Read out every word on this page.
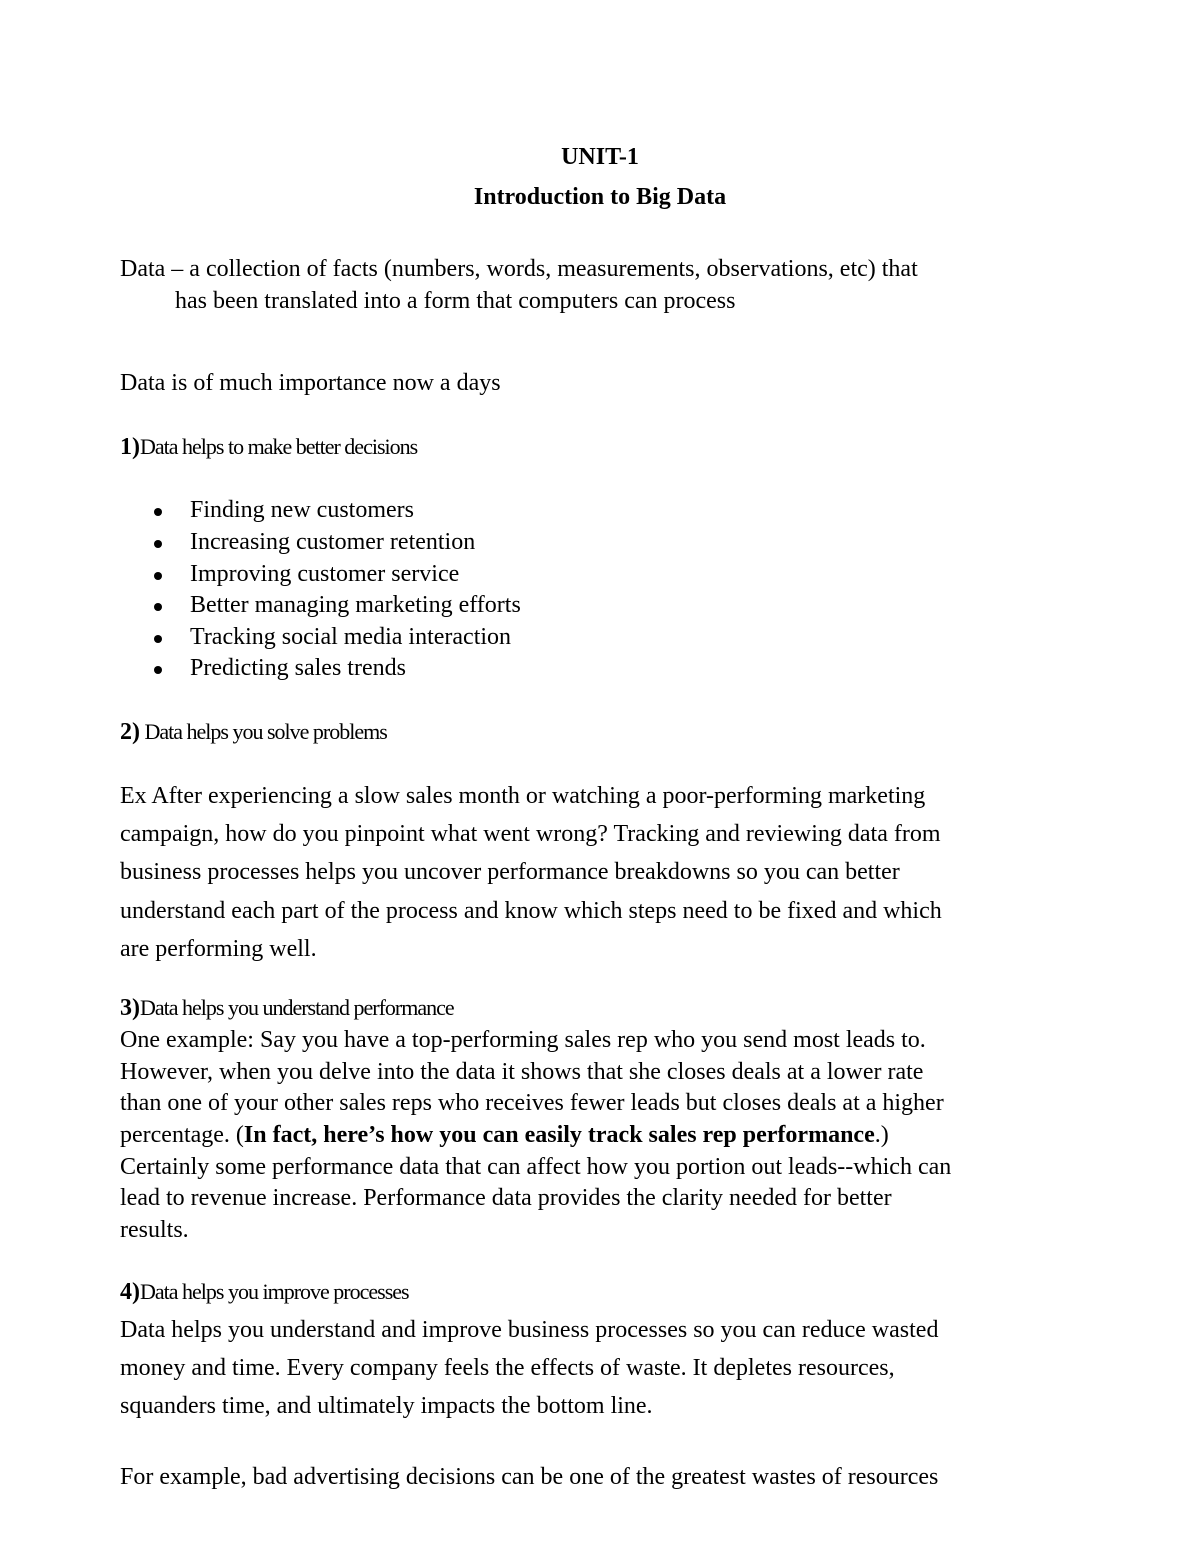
UNIT-1
Introduction to Big Data
Data – a collection of facts (numbers, words, measurements, observations, etc) that
has been translated into a form that computers can process
Data is of much importance now a days
1)Data helps to make better decisions
Finding new customers
Increasing customer retention
Improving customer service
Better managing marketing efforts
Tracking social media interaction
Predicting sales trends
2) Data helps you solve problems
Ex After experiencing a slow sales month or watching a poor-performing marketing
campaign, how do you pinpoint what went wrong? Tracking and reviewing data from
business processes helps you uncover performance breakdowns so you can better
understand each part of the process and know which steps need to be fixed and which
are performing well.
3)Data helps you understand performance
One example: Say you have a top-performing sales rep who you send most leads to.
However, when you delve into the data it shows that she closes deals at a lower rate
than one of your other sales reps who receives fewer leads but closes deals at a higher
percentage. (In fact, here’s how you can easily track sales rep performance.)
Certainly some performance data that can affect how you portion out leads--which can
lead to revenue increase. Performance data provides the clarity needed for better
results.
4)Data helps you improve processes
Data helps you understand and improve business processes so you can reduce wasted
money and time. Every company feels the effects of waste. It depletes resources,
squanders time, and ultimately impacts the bottom line.
For example, bad advertising decisions can be one of the greatest wastes of resources
